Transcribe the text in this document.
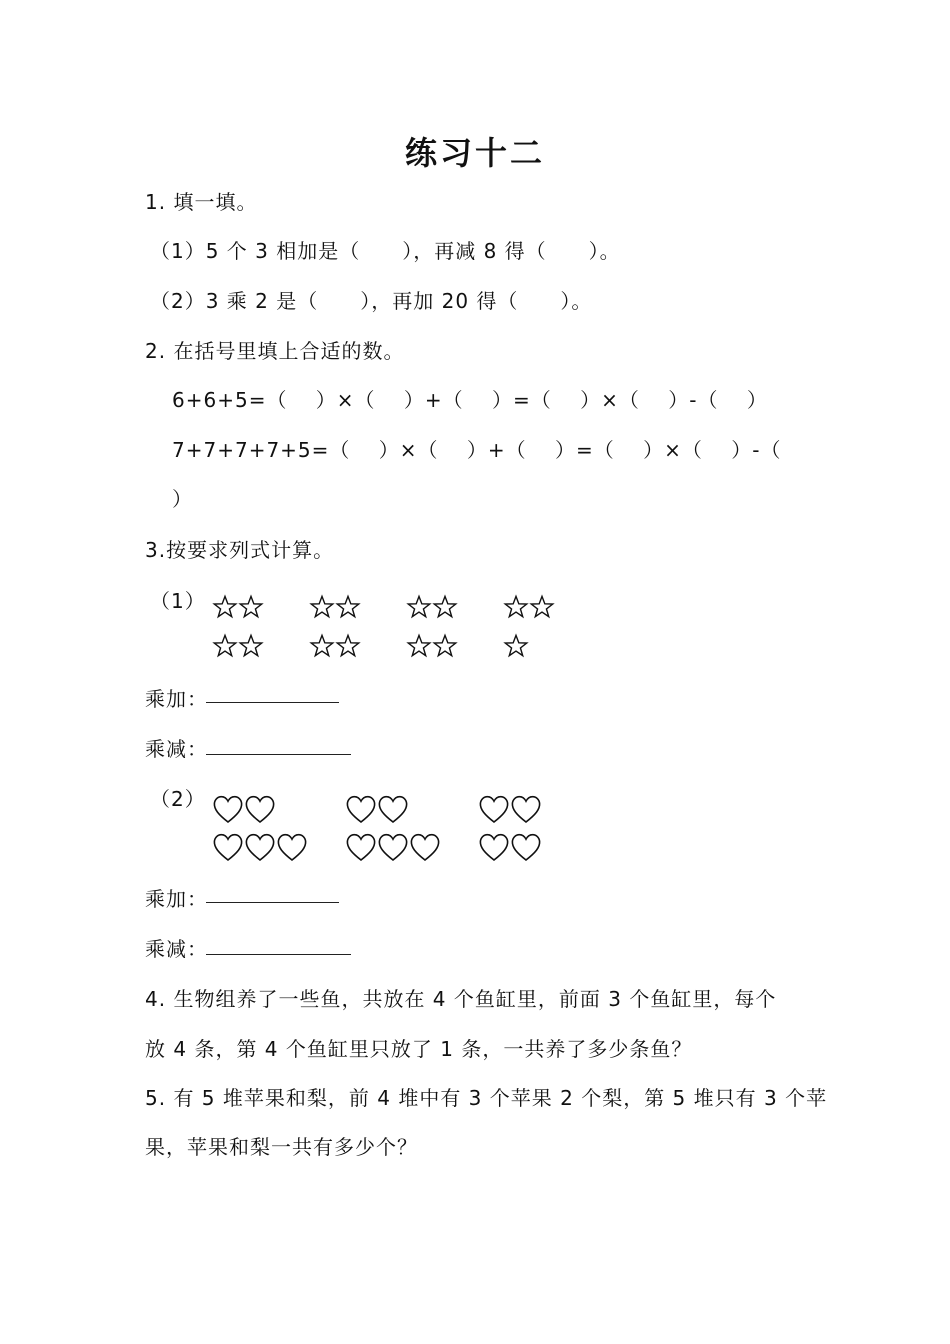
练习十二
1. 填一填。
（1）5 个 3 相加是（　　），再减 8 得（　　）。
（2）3 乘 2 是（　　），再加 20 得（　　）。
2. 在括号里填上合适的数。
6+6+5=（　 ）×（　 ）+（　 ）=（　 ）×（　 ）-（　 ）
7+7+7+7+5=（　 ）×（　 ）+（　 ）=（　 ）×（　 ）-（
）
3.按要求列式计算。
（1）
乘加：
乘减：
（2）
乘加：
乘减：
4. 生物组养了一些鱼，共放在 4 个鱼缸里，前面 3 个鱼缸里，每个
放 4 条，第 4 个鱼缸里只放了 1 条，一共养了多少条鱼？
5. 有 5 堆苹果和梨，前 4 堆中有 3 个苹果 2 个梨，第 5 堆只有 3 个苹
果，苹果和梨一共有多少个？
